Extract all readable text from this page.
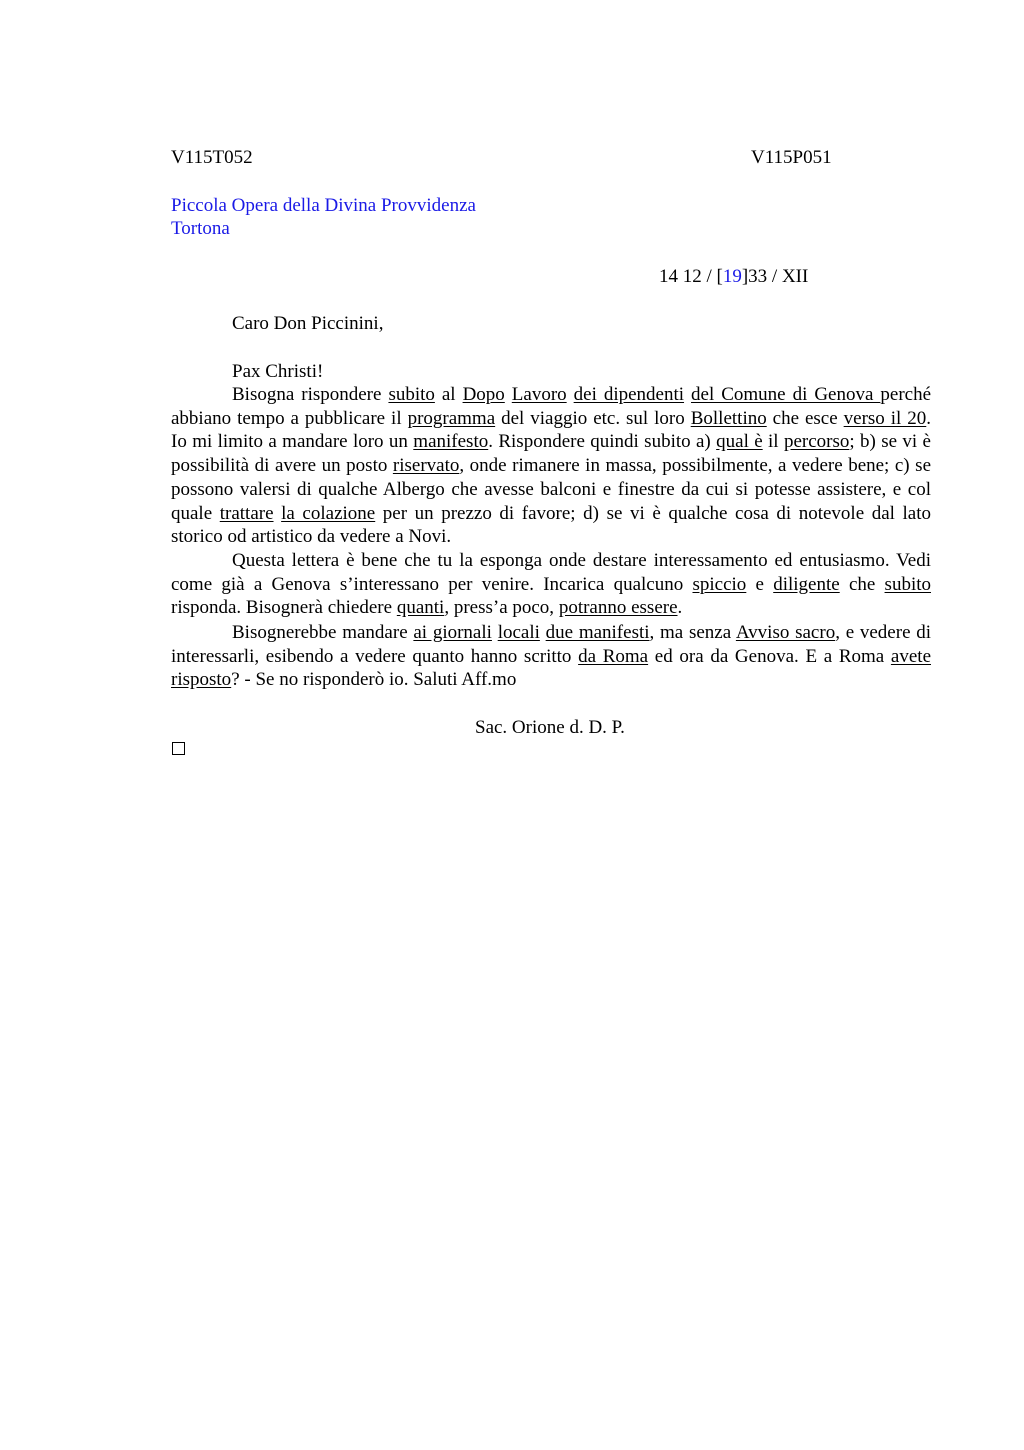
V115T052	V115P051
Piccola Opera della Divina Provvidenza
Tortona
14 12 / [19]33 / XII
Caro Don Piccinini,
Pax Christi!
Bisogna rispondere subito al Dopo Lavoro dei dipendenti del Comune di Genova perché abbiano tempo a pubblicare il programma del viaggio etc. sul loro Bollettino che esce verso il 20. Io mi limito a mandare loro un manifesto. Rispondere quindi subito a) qual è il percorso; b) se vi è possibilità di avere un posto riservato, onde rimanere in massa, possibilmente, a vedere bene; c) se possono valersi di qualche Albergo che avesse balconi e finestre da cui si potesse assistere, e col quale trattare la colazione per un prezzo di favore; d) se vi è qualche cosa di notevole dal lato storico od artistico da vedere a Novi.
Questa lettera è bene che tu la esponga onde destare interessamento ed entusiasmo. Vedi come già a Genova s’interessano per venire. Incarica qualcuno spiccio e diligente che subito risponda. Bisognerà chiedere quanti, press’a poco, potranno essere.
Bisognerebbe mandare ai giornali locali due manifesti, ma senza Avviso sacro, e vedere di interessarli, esibendo a vedere quanto hanno scritto da Roma ed ora da Genova. E a Roma avete risposto? - Se no risponderò io. Saluti Aff.mo
Sac. Orione d. D. P.
